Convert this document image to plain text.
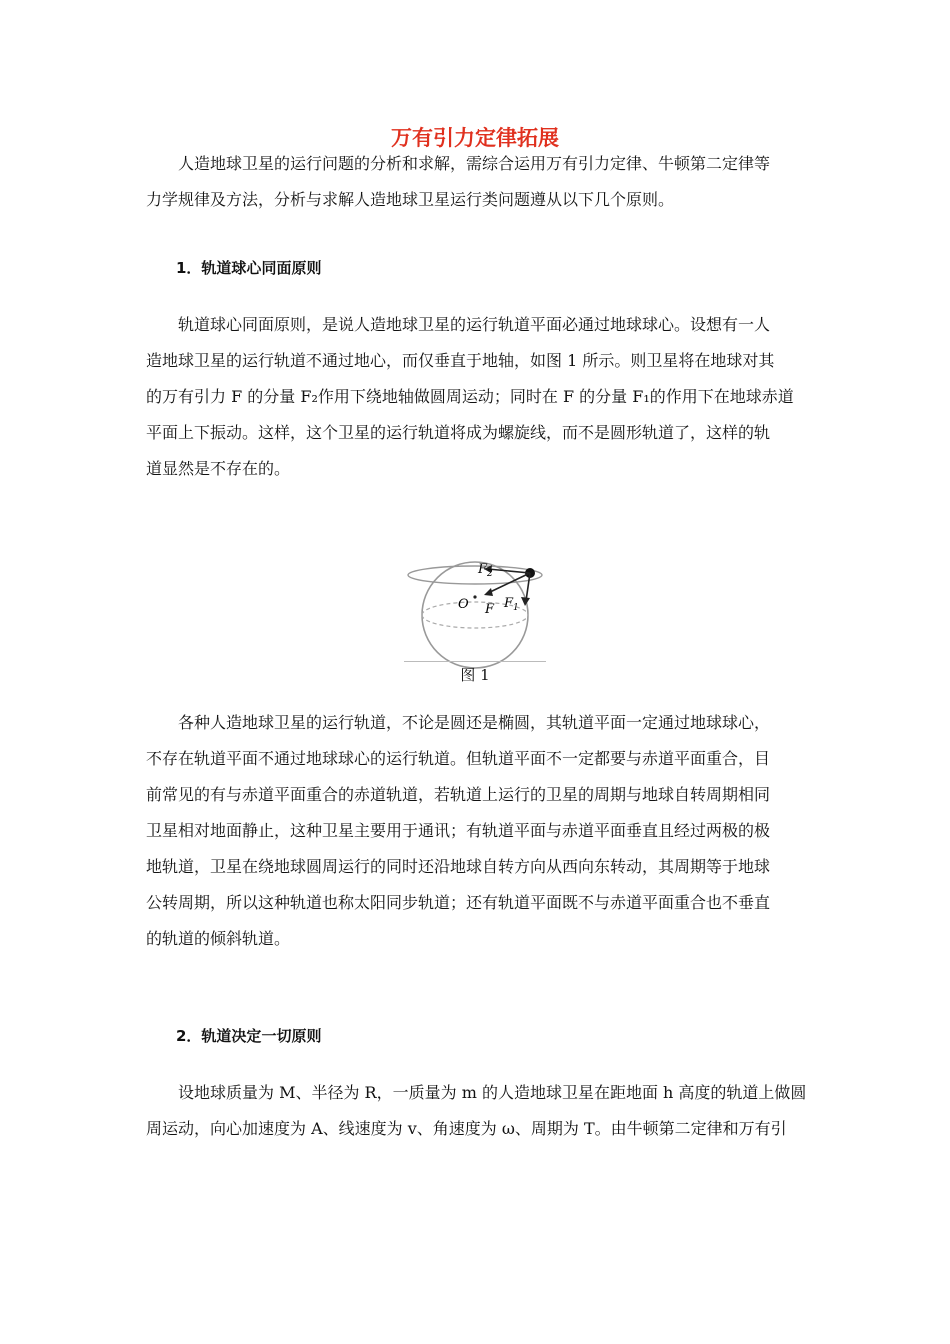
万有引力定律拓展
人造地球卫星的运行问题的分析和求解，需综合运用万有引力定律、牛顿第二定律等
力学规律及方法，分析与求解人造地球卫星运行类问题遵从以下几个原则。
1．轨道球心同面原则
轨道球心同面原则，是说人造地球卫星的运行轨道平面必通过地球球心。设想有一人
造地球卫星的运行轨道不通过地心，而仅垂直于地轴，如图 1 所示。则卫星将在地球对其
的万有引力 F 的分量 F₂作用下绕地轴做圆周运动；同时在 F 的分量 F₁的作用下在地球赤道
平面上下振动。这样，这个卫星的运行轨道将成为螺旋线，而不是圆形轨道了，这样的轨
道显然是不存在的。
$F_2$
O F $F_1$
图 1
各种人造地球卫星的运行轨道，不论是圆还是椭圆，其轨道平面一定通过地球球心，
不存在轨道平面不通过地球球心的运行轨道。但轨道平面不一定都要与赤道平面重合，目
前常见的有与赤道平面重合的赤道轨道，若轨道上运行的卫星的周期与地球自转周期相同
卫星相对地面静止，这种卫星主要用于通讯；有轨道平面与赤道平面垂直且经过两极的极
地轨道，卫星在绕地球圆周运行的同时还沿地球自转方向从西向东转动，其周期等于地球
公转周期，所以这种轨道也称太阳同步轨道；还有轨道平面既不与赤道平面重合也不垂直
的轨道的倾斜轨道。
2．轨道决定一切原则
设地球质量为 M、半径为 R，一质量为 m 的人造地球卫星在距地面 h 高度的轨道上做圆
周运动，向心加速度为 A、线速度为 v、角速度为 ω、周期为 T。由牛顿第二定律和万有引
